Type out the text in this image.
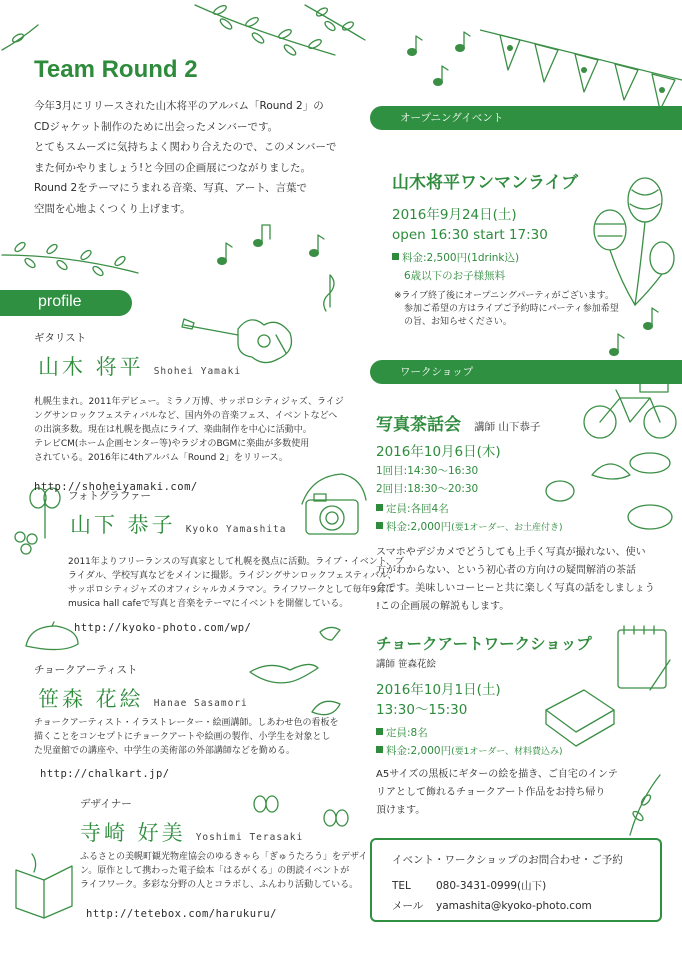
Team Round 2

今年3月にリリースされた山木将平のアルバム「Round 2」の

CDジャケット制作のために出会ったメンバーです。

とてもスムーズに気持ちよく関わり合えたので、このメンバーで

また何かやりましょう!と今回の企画展につながりました。

Round 2をテーマにうまれる音楽、写真、アート、言葉で

空間を心地よくつくり上げます。

profile
ギタリスト
山木 将平 Shohei Yamaki

札幌生まれ。2011年デビュー。ミラノ万博、サッポロシティジャズ、ライジ

ングサンロックフェスティバルなど、国内外の音楽フェス、イベントなどへ

の出演多数。現在は札幌を拠点にライブ、楽曲制作を中心に活動中。

テレビCM(ホーム企画センター等)やラジオのBGMに楽曲が多数使用

されている。2016年に4thアルバム「Round 2」をリリース。

http://shoheiyamaki.com/
フォトグラファー
山下 恭子 Kyoko Yamashita

2011年よりフリーランスの写真家として札幌を拠点に活動。ライブ・イベント、ブ

ライダル、学校写真などをメインに撮影。ライジングサンロックフェスティバル、

サッポロシティジャズのオフィシャルカメラマン。ライフワークとして毎年9月に

musica hall cafeで写真と音楽をテーマにイベントを開催している。

http://kyoko-photo.com/wp/
チョークアーティスト
笹森 花絵 Hanae Sasamori

チョークアーティスト・イラストレーター・絵画講師。しあわせ色の看板を

描くことをコンセプトにチョークアートや絵画の製作、小学生を対象とし

た児童館での講座や、中学生の美術部の外部講師などを勤める。

http://chalkart.jp/
デザイナー
寺崎 好美 Yoshimi Terasaki

ふるさとの美幌町観光物産協会のゆるきゃら「ぎゅうたろう」をデザイ

ン。原作として携わった電子絵本「はるがくる」の朗読イベントが

ライフワーク。多彩な分野の人とコラボし、ふんわり活動している。

http://tetebox.com/harukuru/
オープニングイベント
山木将平ワンマンライブ
2016年9月24日(土)
open 16:30 start 17:30
料金:2,500円(1drink込)
6歳以下のお子様無料

※ライブ終了後にオープニングパーティがございます。

参加ご希望の方はライブご予約時にパーティ参加希望

の旨、お知らせください。

ワークショップ
写真茶話会 講師 山下恭子
2016年10月6日(木)
1回目:14:30〜16:30
2回目:18:30〜20:30
定員:各回4名
料金:2,000円(要1オーダー、お土産付き)

スマホやデジカメでどうしても上手く写真が撮れない、使い

方がわからない、という初心者の方向けの疑問解消の茶話

会です。美味しいコーヒーと共に楽しく写真の話をしましょう

!この企画展の解説もします。

チョークアートワークショップ
講師 笹森花絵
2016年10月1日(土)
13:30〜15:30
定員:8名
料金:2,000円(要1オーダー、材料費込み)

A5サイズの黒板にギターの絵を描き、ご自宅のインテ

リアとして飾れるチョークアート作品をお持ち帰り

頂けます。

イベント・ワークショップのお問合わせ・ご予約
TEL 080-3431-0999(山下)
メール yamashita@kyoko-photo.com
